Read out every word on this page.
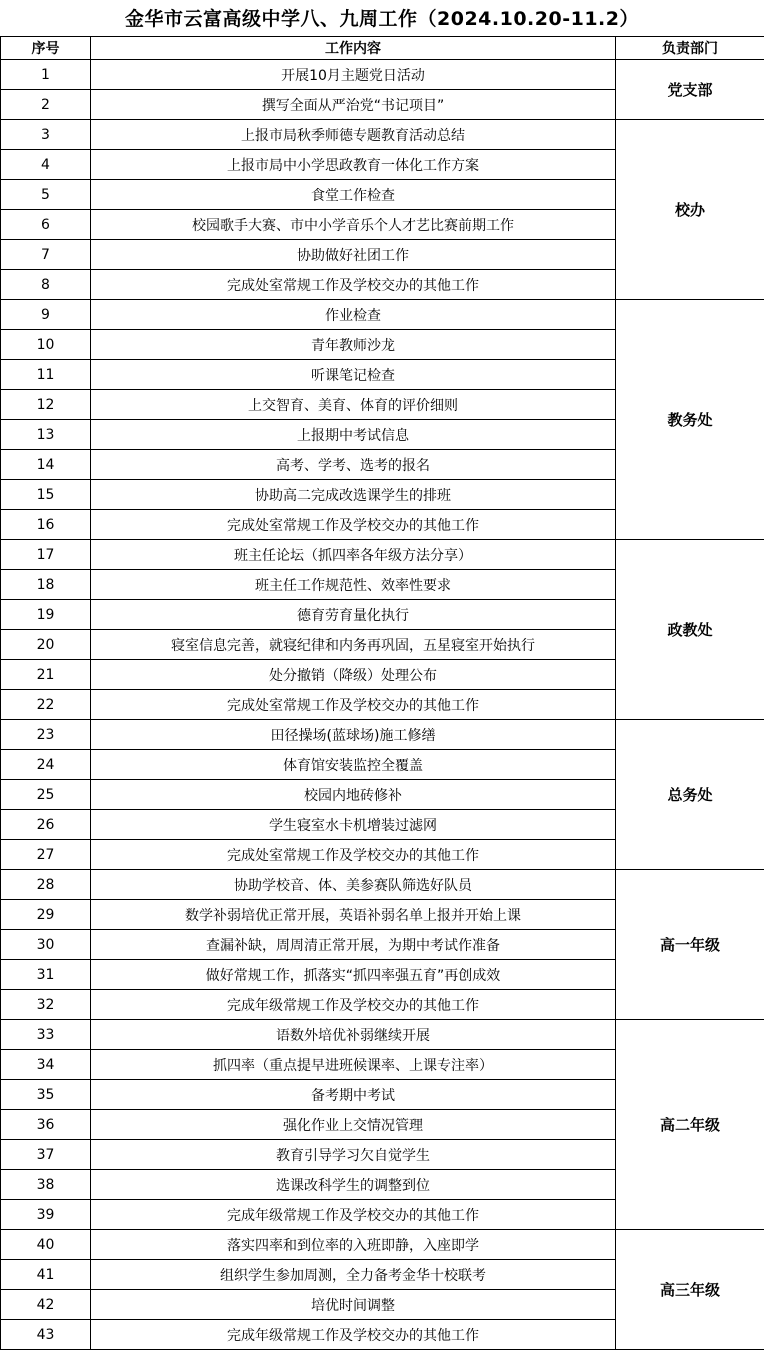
金华市云富高级中学八、九周工作（2024.10.20-11.2）
序号	工作内容	负责部门
1	开展10月主题党日活动	党支部
2	撰写全面从严治党“书记项目”	
3	上报市局秋季师德专题教育活动总结	校办
4	上报市局中小学思政教育一体化工作方案	
5	食堂工作检查	
6	校园歌手大赛、市中小学音乐个人才艺比赛前期工作	
7	协助做好社团工作	
8	完成处室常规工作及学校交办的其他工作	
9	作业检查	教务处
10	青年教师沙龙	
11	听课笔记检查	
12	上交智育、美育、体育的评价细则	
13	上报期中考试信息	
14	高考、学考、选考的报名	
15	协助高二完成改选课学生的排班	
16	完成处室常规工作及学校交办的其他工作	
17	班主任论坛（抓四率各年级方法分享）	政教处
18	班主任工作规范性、效率性要求	
19	德育劳育量化执行	
20	寝室信息完善，就寝纪律和内务再巩固，五星寝室开始执行	
21	处分撤销（降级）处理公布	
22	完成处室常规工作及学校交办的其他工作	
23	田径操场(蓝球场)施工修缮	总务处
24	体育馆安装监控全覆盖	
25	校园内地砖修补	
26	学生寝室水卡机增装过滤网	
27	完成处室常规工作及学校交办的其他工作	
28	协助学校音、体、美参赛队筛选好队员	高一年级
29	数学补弱培优正常开展，英语补弱名单上报并开始上课	
30	查漏补缺，周周清正常开展，为期中考试作准备	
31	做好常规工作，抓落实“抓四率强五育”再创成效	
32	完成年级常规工作及学校交办的其他工作	
33	语数外培优补弱继续开展	高二年级
34	抓四率（重点提早进班候课率、上课专注率）	
35	备考期中考试	
36	强化作业上交情况管理	
37	教育引导学习欠自觉学生	
38	选课改科学生的调整到位	
39	完成年级常规工作及学校交办的其他工作	
40	落实四率和到位率的入班即静，入座即学	高三年级
41	组织学生参加周测，全力备考金华十校联考	
42	培优时间调整	
43	完成年级常规工作及学校交办的其他工作	
